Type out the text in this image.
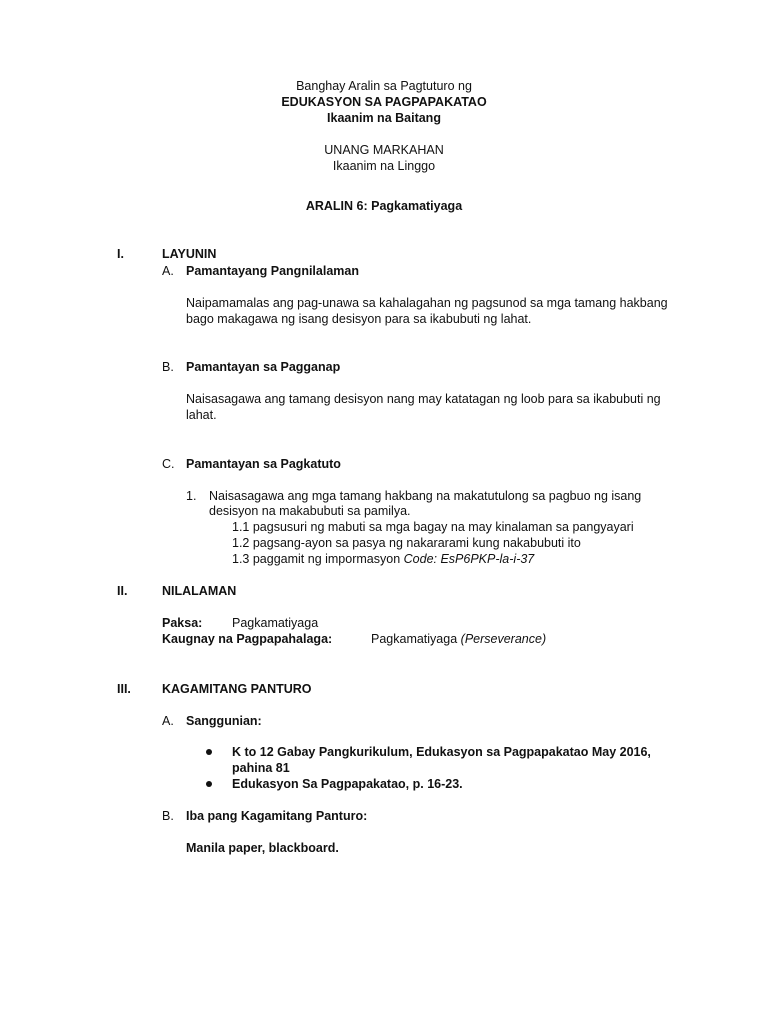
Banghay Aralin sa Pagtuturo ng
EDUKASYON SA PAGPAPAKATAO
Ikaanim na Baitang
UNANG MARKAHAN
Ikaanim na Linggo
ARALIN 6: Pagkamatiyaga
I.	LAYUNIN
A. Pamantayang Pangnilalaman
Naipamamalas ang pag-unawa sa kahalagahan ng pagsunod sa mga tamang hakbang
bago makagawa ng isang desisyon para sa ikabubuti ng lahat.
B. Pamantayan sa Pagganap
Naisasagawa ang tamang desisyon nang may katatagan ng loob para sa ikabubuti ng
lahat.
C. Pamantayan sa Pagkatuto
1. Naisasagawa ang mga tamang hakbang na makatutulong sa pagbuo ng isang
desisyon na makabubuti sa pamilya.
1.1 pagsusuri ng mabuti sa mga bagay na may kinalaman sa pangyayari
1.2 pagsang-ayon sa pasya ng nakararami kung nakabubuti ito
1.3 paggamit ng impormasyon Code: EsP6PKP-la-i-37
II.	NILALAMAN
Paksa: Pagkamatiyaga
Kaugnay na Pagpapahalaga:	Pagkamatiyaga (Perseverance)
III. KAGAMITANG PANTURO
A. Sanggunian:
K to 12 Gabay Pangkurikulum, Edukasyon sa Pagpapakatao May 2016,
pahina 81
Edukasyon Sa Pagpapakatao, p. 16-23.
B. Iba pang Kagamitang Panturo:
Manila paper, blackboard.
